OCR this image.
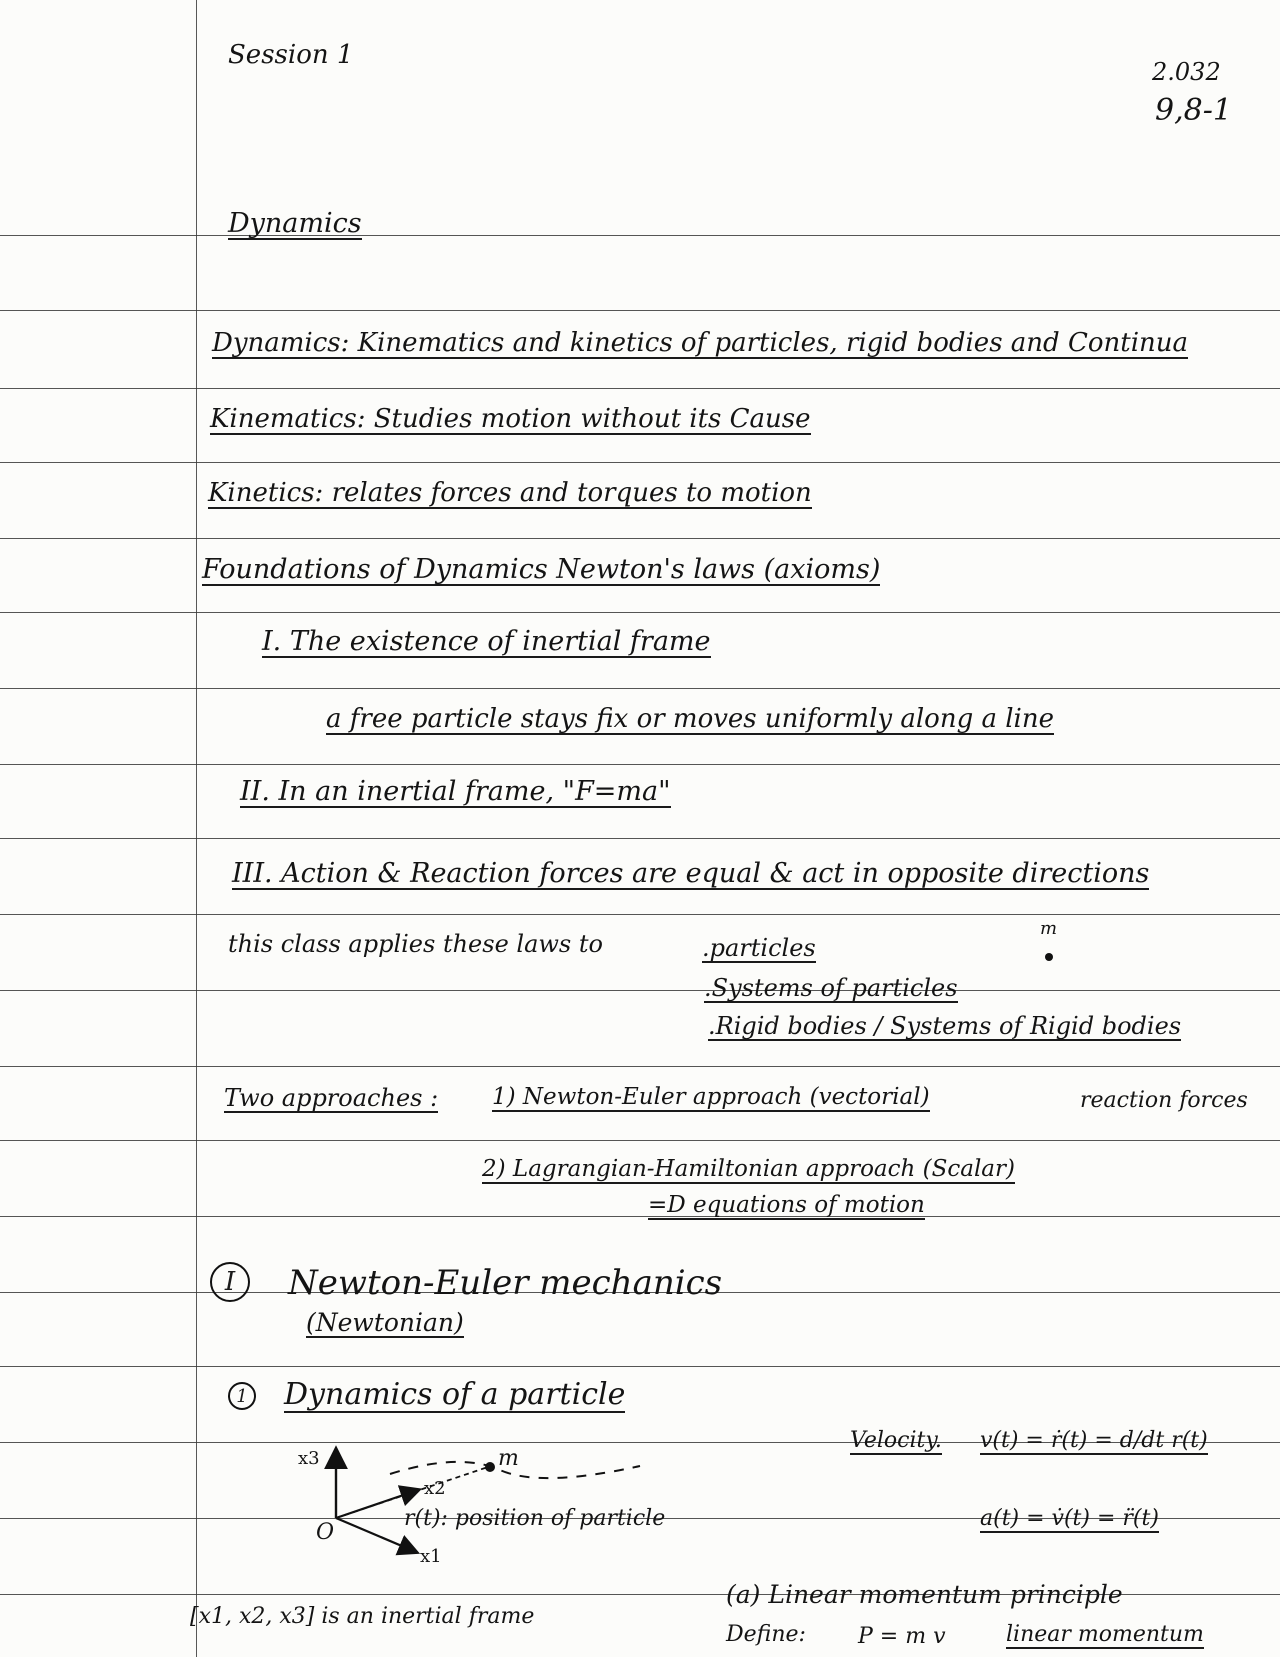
Session 1
2.032
9,8-1
Dynamics
Dynamics: Kinematics and kinetics of particles, rigid bodies and Continua
Kinematics: Studies motion without its Cause
Kinetics: relates forces and torques to motion
Foundations of Dynamics Newton's laws (axioms)
I. The existence of inertial frame
a free particle stays fix or moves uniformly along a line
II. In an inertial frame, "F=ma"
III. Action & Reaction forces are equal & act in opposite directions
this class applies these laws to	.particles
.Systems of particles
.Rigid bodies / Systems of Rigid bodies
m
Two approaches : 1) Newton-Euler approach (vectorial)	reaction forces
2) Lagrangian-Hamiltonian approach (Scalar)
=D equations of motion
I	Newton-Euler mechanics
(Newtonian)
1 Dynamics of a particle
x3
x2
x1
O
m
r(t): position of particle
Velocity. v(t) = ṙ(t) = d/dt r(t)
a(t) = v̇(t) = r̈(t)
[x1, x2, x3] is an inertial frame
(a) Linear momentum principle
Define: P = m v	linear momentum
